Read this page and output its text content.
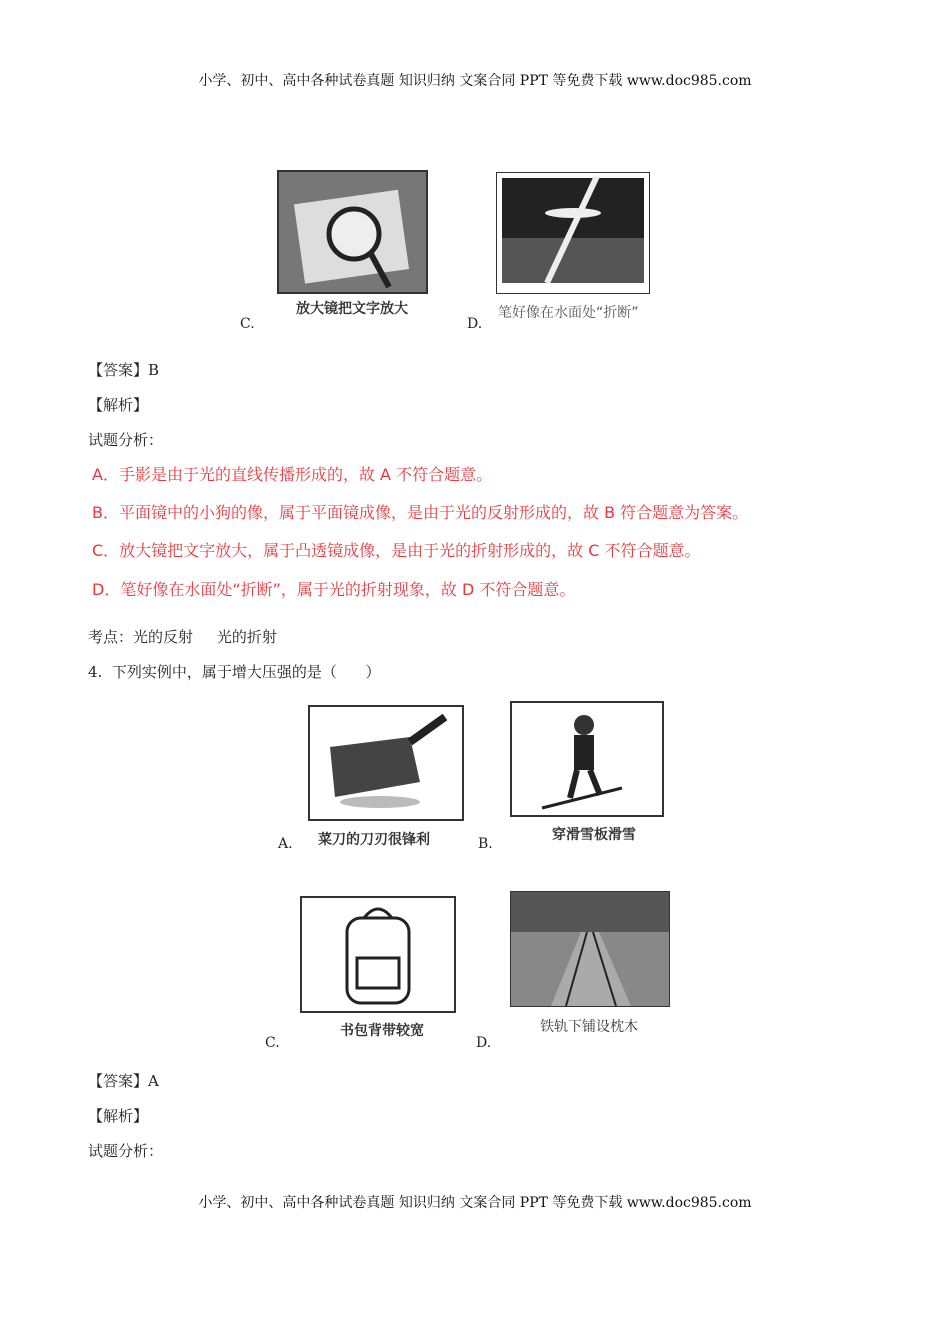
小学、初中、高中各种试卷真题 知识归纳 文案合同 PPT 等免费下载 www.doc985.com
放大镜把文字放大
C.
笔好像在水面处“折断”
D.
【答案】B
【解析】
试题分析：
A．手影是由于光的直线传播形成的，故 A 不符合题意。
B．平面镜中的小狗的像，属于平面镜成像，是由于光的反射形成的，故 B 符合题意为答案。
C．放大镜把文字放大，属于凸透镜成像，是由于光的折射形成的，故 C 不符合题意。
D．笔好像在水面处“折断”，属于光的折射现象，故 D 不符合题意。
考点：光的反射     光的折射
4.  下列实例中，属于增大压强的是（      ）
菜刀的刀刃很锋利
A.
穿滑雪板滑雪
B.
书包背带较宽
C.
铁轨下铺设枕木
D.
【答案】A
【解析】
试题分析：
小学、初中、高中各种试卷真题 知识归纳 文案合同 PPT 等免费下载 www.doc985.com
